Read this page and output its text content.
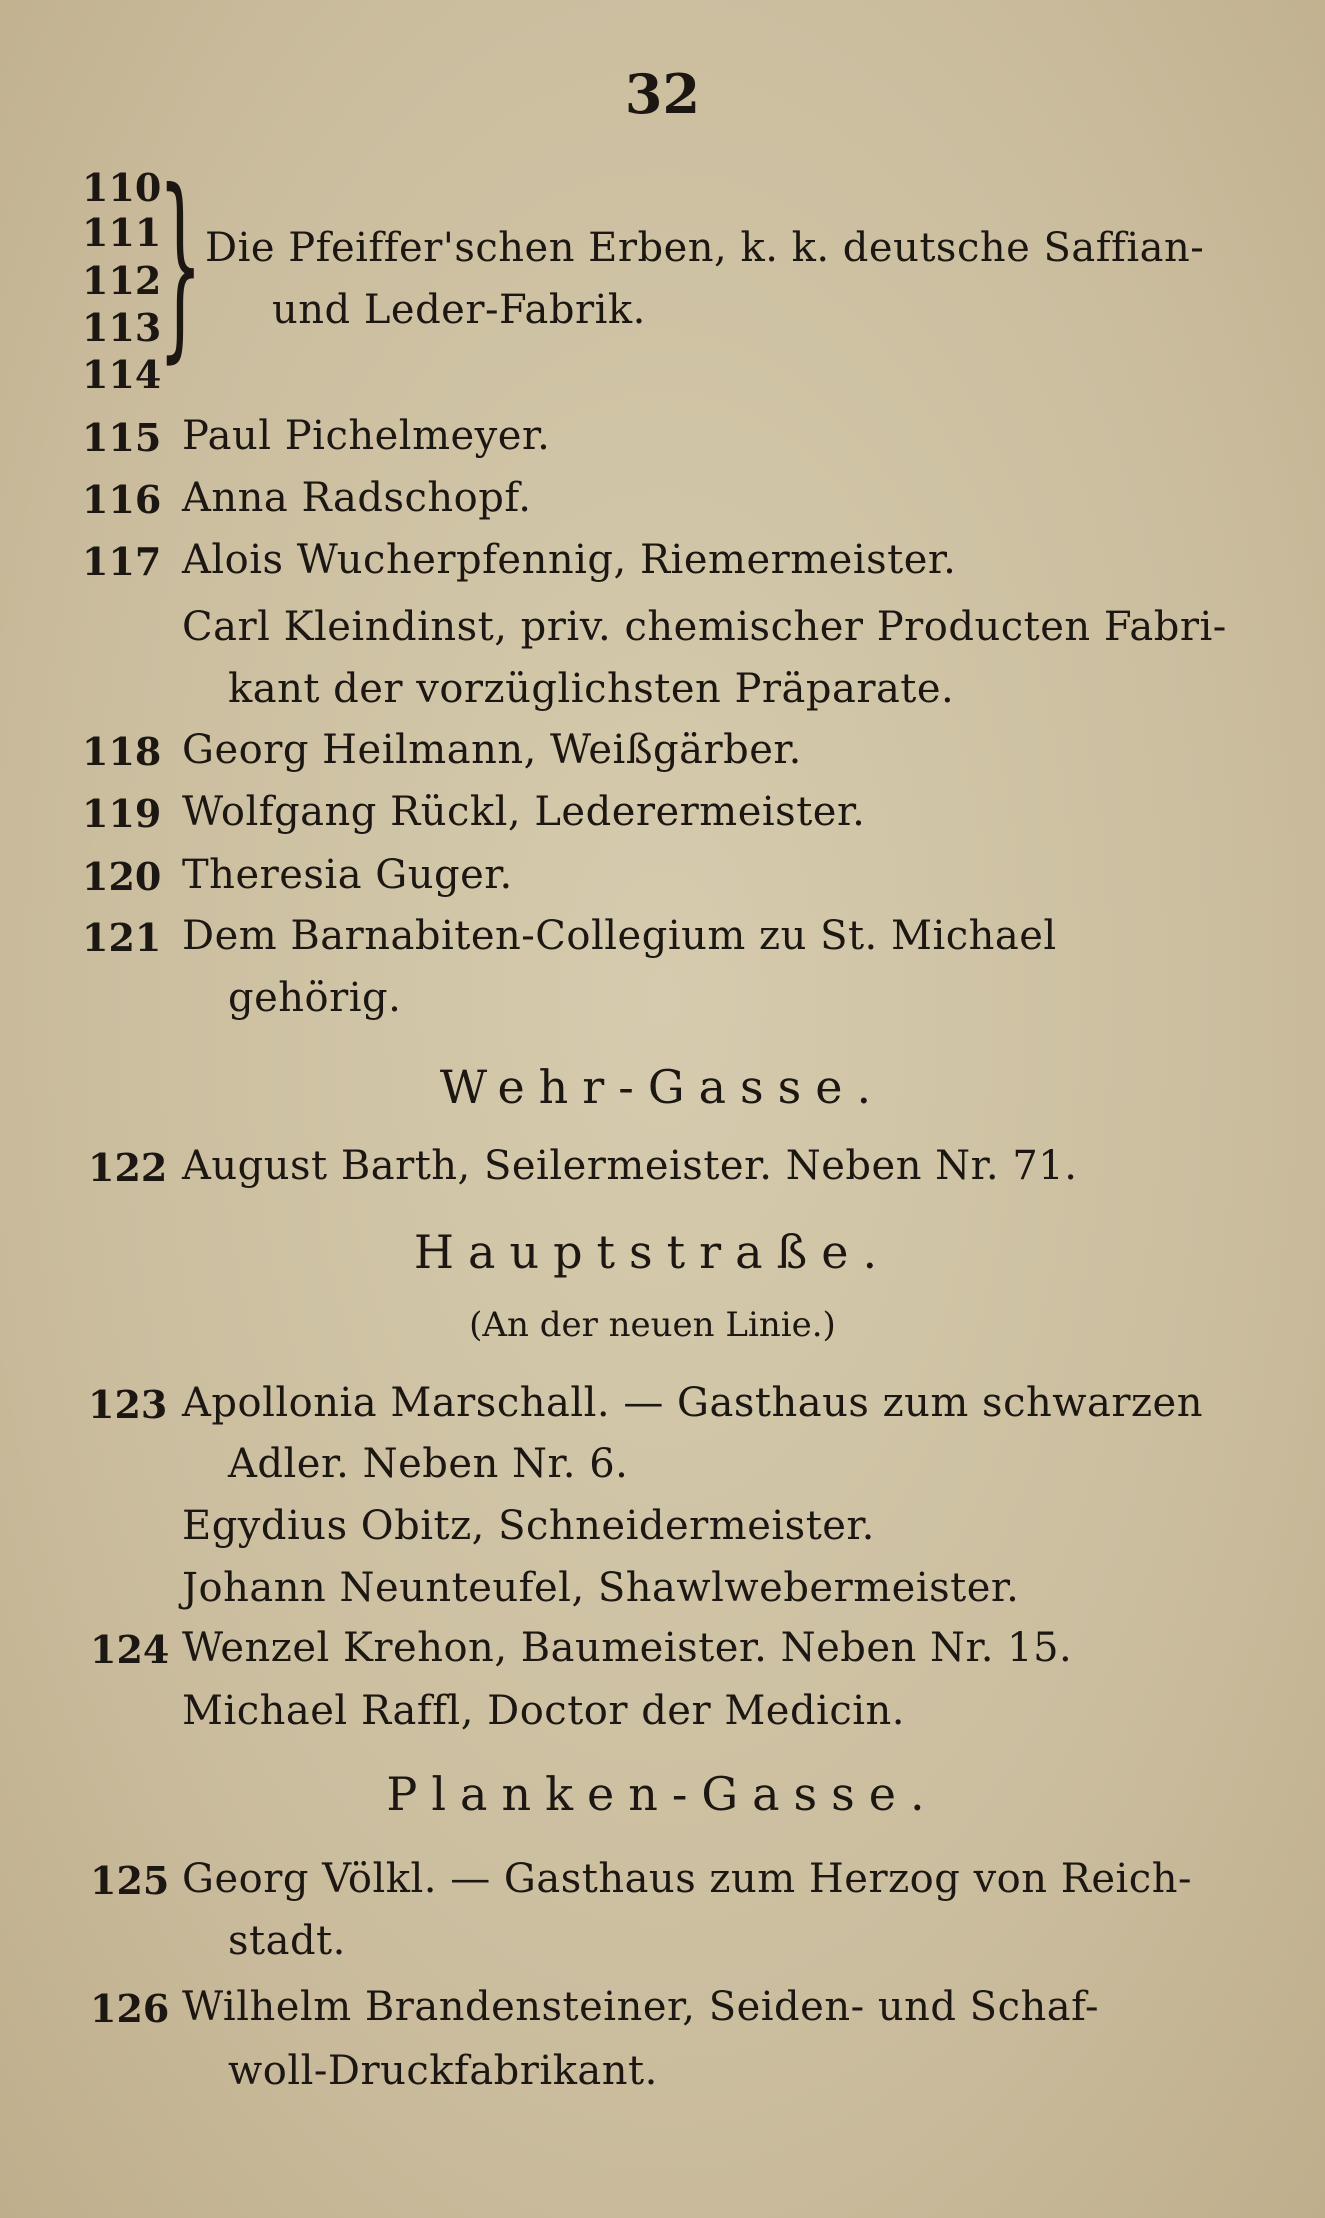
32
110
111
112
113
114
} Die Pfeiffer'schen Erben, k. k. deutsche Saffian-
und Leder-Fabrik.
115 Paul Pichelmeyer.
116 Anna Radschopf.
117 Alois Wucherpfennig, Riemermeister.
Carl Kleindinst, priv. chemischer Producten Fabri-
kant der vorzüglichsten Präparate.
118 Georg Heilmann, Weißgärber.
119 Wolfgang Rückl, Lederermeister.
120 Theresia Guger.
121 Dem Barnabiten-Collegium zu St. Michael
gehörig.
Wehr-Gasse.
122 August Barth, Seilermeister. Neben Nr. 71.
Hauptstraße.
(An der neuen Linie.)
123 Apollonia Marschall. — Gasthaus zum schwarzen
Adler. Neben Nr. 6.
Egydius Obitz, Schneidermeister.
Johann Neunteufel, Shawlwebermeister.
124 Wenzel Krehon, Baumeister. Neben Nr. 15.
Michael Raffl, Doctor der Medicin.
Planken-Gasse.
125 Georg Völkl. — Gasthaus zum Herzog von Reich-
stadt.
126 Wilhelm Brandensteiner, Seiden- und Schaf-
woll-Druckfabrikant.
